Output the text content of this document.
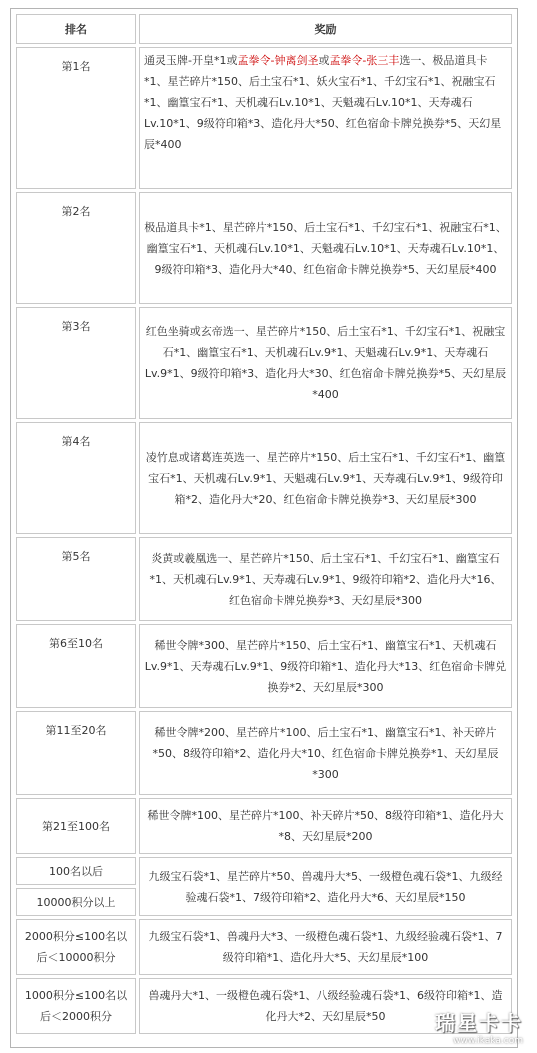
排名	奖励
第1名	通灵玉牌-开皇*1或孟拳令-钟离剑圣或孟拳令-张三丰选一、极品道具卡*1、星芒碎片*150、后土宝石*1、妖火宝石*1、千幻宝石*1、祝融宝石*1、幽篁宝石*1、天机魂石Lv.10*1、天魁魂石Lv.10*1、天寿魂石Lv.10*1、9级符印箱*3、造化丹大*50、红色宿命卡牌兑换券*5、天幻星辰*400
第2名	极品道具卡*1、星芒碎片*150、后土宝石*1、千幻宝石*1、祝融宝石*1、幽篁宝石*1、天机魂石Lv.10*1、天魁魂石Lv.10*1、天寿魂石Lv.10*1、9级符印箱*3、造化丹大*40、红色宿命卡牌兑换券*5、天幻星辰*400
第3名	红色坐骑或玄帝选一、星芒碎片*150、后土宝石*1、千幻宝石*1、祝融宝石*1、幽篁宝石*1、天机魂石Lv.9*1、天魁魂石Lv.9*1、天寿魂石Lv.9*1、9级符印箱*3、造化丹大*30、红色宿命卡牌兑换券*5、天幻星辰*400
第4名	凌竹息或诸葛连英选一、星芒碎片*150、后土宝石*1、千幻宝石*1、幽篁宝石*1、天机魂石Lv.9*1、天魁魂石Lv.9*1、天寿魂石Lv.9*1、9级符印箱*2、造化丹大*20、红色宿命卡牌兑换券*3、天幻星辰*300
第5名	炎黄或羲凰选一、星芒碎片*150、后土宝石*1、千幻宝石*1、幽篁宝石*1、天机魂石Lv.9*1、天寿魂石Lv.9*1、9级符印箱*2、造化丹大*16、红色宿命卡牌兑换券*3、天幻星辰*300
第6至10名	稀世令牌*300、星芒碎片*150、后土宝石*1、幽篁宝石*1、天机魂石Lv.9*1、天寿魂石Lv.9*1、9级符印箱*1、造化丹大*13、红色宿命卡牌兑换券*2、天幻星辰*300
第11至20名	稀世令牌*200、星芒碎片*100、后土宝石*1、幽篁宝石*1、补天碎片*50、8级符印箱*2、造化丹大*10、红色宿命卡牌兑换券*1、天幻星辰*300
第21至100名	稀世令牌*100、星芒碎片*100、补天碎片*50、8级符印箱*1、造化丹大*8、天幻星辰*200
100名以后	九级宝石袋*1、星芒碎片*50、兽魂丹大*5、一级橙色魂石袋*1、九级经验魂石袋*1、7级符印箱*2、造化丹大*6、天幻星辰*150
10000积分以上	
2000积分≤100名以后＜10000积分	九级宝石袋*1、兽魂丹大*3、一级橙色魂石袋*1、九级经验魂石袋*1、7级符印箱*1、造化丹大*5、天幻星辰*100
1000积分≤100名以后＜2000积分	兽魂丹大*1、一级橙色魂石袋*1、八级经验魂石袋*1、6级符印箱*1、造化丹大*2、天幻星辰*50	瑞星卡卡
www.ikaka.com
